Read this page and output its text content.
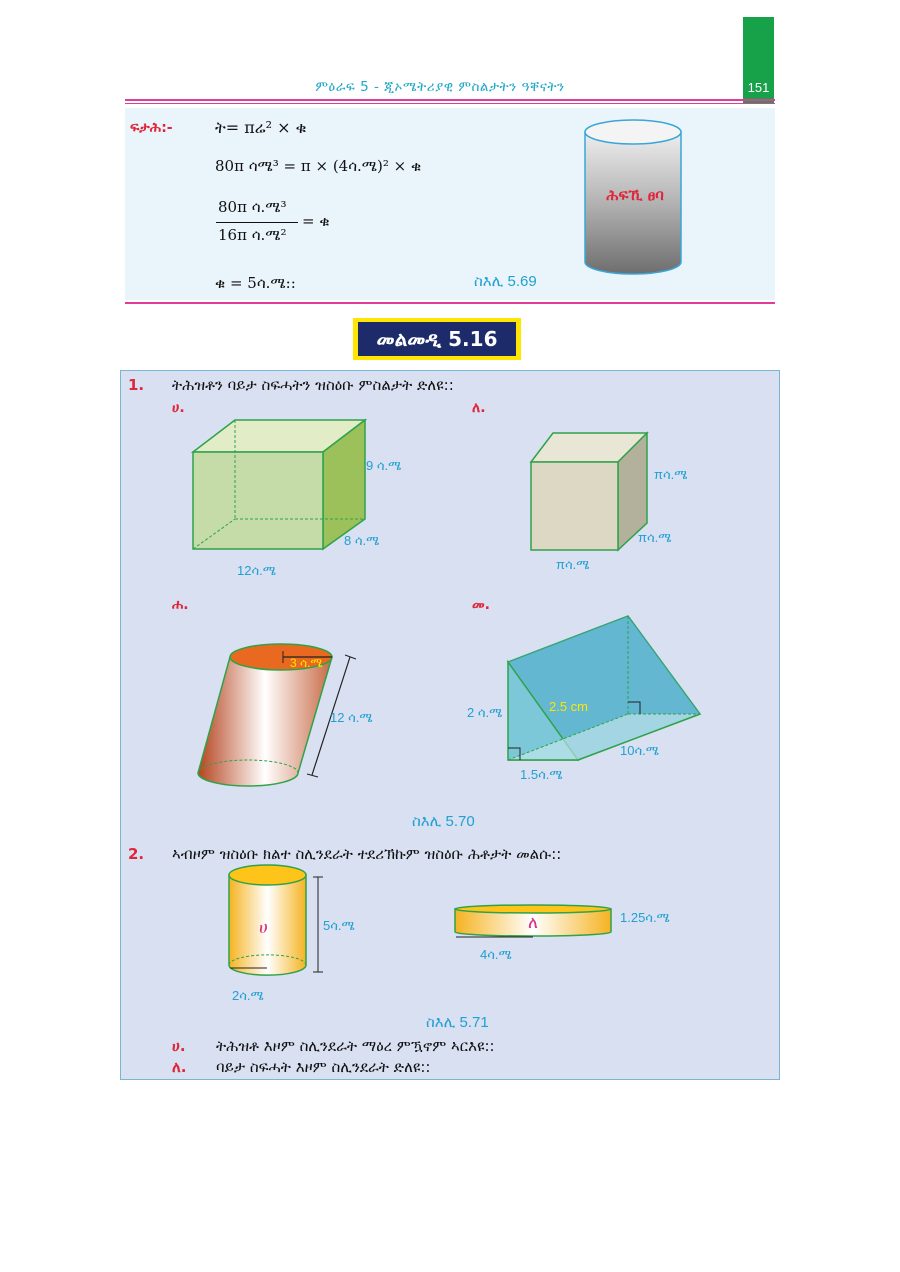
151
ምዕራፍ 5 - ጂኦሜትሪያዊ ምስልታትን ዓቐናትን
ፍታሕ:-	ት= πሬ² × ቁ
80π ሳሜ³ = π × (4ሳ.ሜ)² × ቁ
80π ሳ.ሜ³
16π ሳ.ሜ²
= ቁ
ቁ = 5ሳ.ሜ::	ስእሊ 5.69
ሕፍኺ ፀባ
መልመዲ 5.16
1. ትሕዝቶን ባይታ ስፍሓትን ዝስዕቡ ምስልታት ድለዩ::
ሀ.	ለ.
9 ሳ.ሜ
8 ሳ.ሜ
12ሳ.ሜ
πሳ.ሜ
πሳ.ሜ
πሳ.ሜ
ሐ.	መ.
3 ሳ.ሜ
12 ሳ.ሜ	2 ሳ.ሜ	2.5 cm
10ሳ.ሜ
1.5ሳ.ሜ
ስእሊ 5.70
2. ኣብዞም ዝስዕቡ ክልተ ስሊንደራት ተደሪኽኩም ዝስዕቡ ሕቶታት መልሱ::
ሀ	5ሳ.ሜ
2ሳ.ሜ
ለ	1.25ሳ.ሜ
4ሳ.ሜ
ስእሊ 5.71
ሀ. ትሕዝቶ እዞም ስሊንደራት ማዕረ ምዃኖም ኣርእዩ::
ለ. ባይታ ስፍሓት እዞም ስሊንደራት ድለዩ::
